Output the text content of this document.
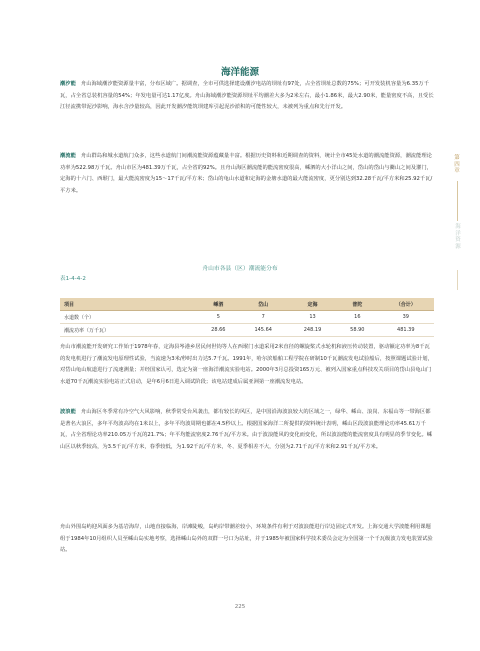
海洋能源
潮汐能 舟山海域潮汐能资源量丰富，分布区域广。据调查，全市可供选择建设潮汐电站的坝址有97处，占全省坝址总数的75%；可开发装机容量为6.35万千瓦，占全省总装机容量的54%；年发电量可达1.17亿度。舟山海域潮汐能资源坝址平均潮差大多为2米左右，最小1.86米，最大2.90米，能量密度不高，且受长江径流携带泥沙影响，海水含沙量较高，因此开发潮汐能筑坝建库引起泥沙淤积的可能性较大，未被列为重点和先行开发。
潮流能 舟山群岛和城水道航门众多，这些水道航门间潮流能资源蕴藏量丰富。根据历史资料和近期调查的资料，统计全市45处水道的潮流能资源，潮流能理论功率为522.98万千瓦。舟山市区为481.39万千瓦，占全省的92%。且舟山海区潮流能的能流密度很高，嵊泗的大小洋山之间，岱山的岱山与衢山之间及灌门，定海的十六门、西堠门，最大能流密度为15～17千瓦/平方米；岱山的龟山水道和定海的金塘水道的最大能流密度，更分别达到32.28千瓦/平方米和25.92千瓦/平方米。
舟山市各县（区）潮流能分布
表1-4-4-2
项目	嵊泗	岱山	定海	普陀	（合计）
水道数（个）	5	7	13	16	39
潮流功率（万千瓦）	28.66	145.64	248.19	58.90	481.39
舟山市潮流能开发研究工作始于1978年春，定海县岑港乡居民何世钧等人在西堠门水道采用2米直径的螺旋桨式水轮机和液压传动装置，驱动额定功率为8千瓦的发电机进行了潮流发电原理性试验，当流速为3米/秒时出力达5.7千瓦。1991年，哈尔滨船舶工程学院在研制10千瓦潮流发电试验船后，按照课题试验计划，对岱山龟山航道进行了流速测量；并经国家认可，选定为第一座海洋潮流实验电站。2000年3月总投资165万元、被列入国家重点科技攻关项目的岱山县龟山门水道70千瓦潮流实验电站正式启动，是年6月6日进入调试阶段；该电站建成后属亚洲第一座潮流发电站。
波浪能 舟山海区冬季常有冷空气大风影响，秋季常受台风袭击，都有较长的风区，是中国沿海波浪较大的区域之一，绿华、嵊山、浪岗、东福山等一带海区都是著名大浪区，多年平均波高均在1米以上，多年平均波周期也都在4.5秒以上。根据国家海洋二所提供的资料统计表明，嵊山区段波浪能理论功率45.61万千瓦，占全省理论功率210.05万千瓦的21.7%；年平均能流密度2.76千瓦/平方米。由于波浪能风的变化而变化，所以波浪能的能流密度具有明显的季节变化。嵊山区以秋季较高，为3.5千瓦/平方米，春季较低，为1.92千瓦/平方米，冬、夏季相差不大，分别为2.71千瓦/平方米和2.91千瓦/平方米。
舟山外围岛屿迎风面多为基岩海岸，山地直接临海，岸滩陡峻，岛屿岸带潮差较小，环境条件有利于对波浪能进行岸边固定式开发。上海交通大学波能利用课题组于1984年10月组织人员至嵊山岛实地考察，选择嵊山岛外的双群一号口为站址，并于1985年被国家科学技术委员会定为全国第一个千瓦级波力发电装置试验站。
第四章
海洋资源
225
